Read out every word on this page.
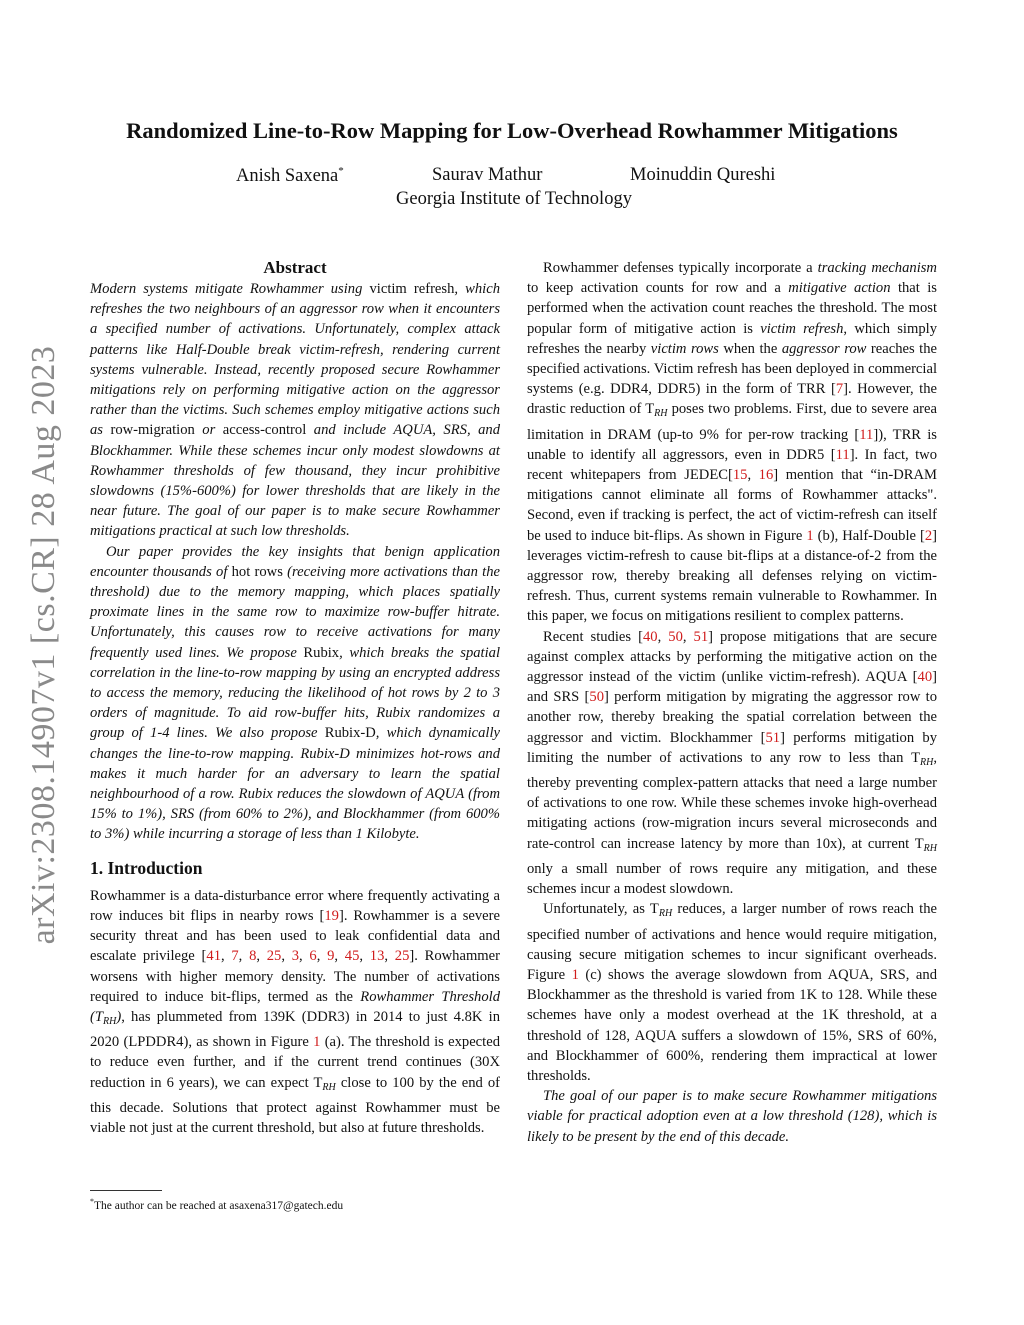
arXiv:2308.14907v1 [cs.CR] 28 Aug 2023
Randomized Line-to-Row Mapping for Low-Overhead Rowhammer Mitigations
Anish Saxena*	Saurav Mathur	Moinuddin Qureshi
Georgia Institute of Technology
Abstract

Modern systems mitigate Rowhammer using victim refresh, which refreshes the two neighbours of an aggressor row when it encounters a specified number of activations. Unfortunately, complex attack patterns like Half-Double break victim-refresh, rendering current systems vulnerable. Instead, recently proposed secure Rowhammer mitigations rely on performing mitigative action on the aggressor rather than the victims. Such schemes employ mitigative actions such as row-migration or access-control and include AQUA, SRS, and Blockhammer. While these schemes incur only modest slowdowns at Rowhammer thresholds of few thousand, they incur prohibitive slowdowns (15%-600%) for lower thresholds that are likely in the near future. The goal of our paper is to make secure Rowhammer mitigations practical at such low thresholds.

Our paper provides the key insights that benign application encounter thousands of hot rows (receiving more activations than the threshold) due to the memory mapping, which places spatially proximate lines in the same row to maximize row-buffer hitrate. Unfortunately, this causes row to receive activations for many frequently used lines. We propose Rubix, which breaks the spatial correlation in the line-to-row mapping by using an encrypted address to access the memory, reducing the likelihood of hot rows by 2 to 3 orders of magnitude. To aid row-buffer hits, Rubix randomizes a group of 1-4 lines. We also propose Rubix-D, which dynamically changes the line-to-row mapping. Rubix-D minimizes hot-rows and makes it much harder for an adversary to learn the spatial neighbourhood of a row. Rubix reduces the slowdown of AQUA (from 15% to 1%), SRS (from 60% to 2%), and Blockhammer (from 600% to 3%) while incurring a storage of less than 1 Kilobyte.

1. Introduction

Rowhammer is a data-disturbance error where frequently activating a row induces bit flips in nearby rows [19]. Rowhammer is a severe security threat and has been used to leak confidential data and escalate privilege [41, 7, 8, 25, 3, 6, 9, 45, 13, 25]. Rowhammer worsens with higher memory density. The number of activations required to induce bit-flips, termed as the Rowhammer Threshold $(T_{RH})$, has plummeted from 139K (DDR3) in 2014 to just 4.8K in 2020 (LPDDR4), as shown in Figure 1 (a). The threshold is expected to reduce even further, and if the current trend continues (30X reduction in 6 years), we can expect $T_{RH}$ close to 100 by the end of this decade. Solutions that protect against Rowhammer must be viable not just at the current threshold, but also at future thresholds.

Rowhammer defenses typically incorporate a tracking mechanism to keep activation counts for row and a mitigative action that is performed when the activation count reaches the threshold. The most popular form of mitigative action is victim refresh, which simply refreshes the nearby victim rows when the aggressor row reaches the specified activations. Victim refresh has been deployed in commercial systems (e.g. DDR4, DDR5) in the form of TRR [7]. However, the drastic reduction of $T_{RH}$ poses two problems. First, due to severe area limitation in DRAM (up-to 9% for per-row tracking [11]), TRR is unable to identify all aggressors, even in DDR5 [11]. In fact, two recent whitepapers from JEDEC[15, 16] mention that “in-DRAM mitigations cannot eliminate all forms of Rowhammer attacks". Second, even if tracking is perfect, the act of victim-refresh can itself be used to induce bit-flips. As shown in Figure 1 (b), Half-Double [2] leverages victim-refresh to cause bit-flips at a distance-of-2 from the aggressor row, thereby breaking all defenses relying on victim-refresh. Thus, current systems remain vulnerable to Rowhammer. In this paper, we focus on mitigations resilient to complex patterns.

Recent studies [40, 50, 51] propose mitigations that are secure against complex attacks by performing the mitigative action on the aggressor instead of the victim (unlike victim-refresh). AQUA [40] and SRS [50] perform mitigation by migrating the aggressor row to another row, thereby breaking the spatial correlation between the aggressor and victim. Blockhammer [51] performs mitigation by limiting the number of activations to any row to less than $T_{RH}$, thereby preventing complex-pattern attacks that need a large number of activations to one row. While these schemes invoke high-overhead mitigating actions (row-migration incurs several microseconds and rate-control can increase latency by more than 10x), at current $T_{RH}$ only a small number of rows require any mitigation, and these schemes incur a modest slowdown.

Unfortunately, as $T_{RH}$ reduces, a larger number of rows reach the specified number of activations and hence would require mitigation, causing secure mitigation schemes to incur significant overheads. Figure 1 (c) shows the average slowdown from AQUA, SRS, and Blockhammer as the threshold is varied from 1K to 128. While these schemes have only a modest overhead at the 1K threshold, at a threshold of 128, AQUA suffers a slowdown of 15%, SRS of 60%, and Blockhammer of 600%, rendering them impractical at lower thresholds.

The goal of our paper is to make secure Rowhammer mitigations viable for practical adoption even at a low threshold (128), which is likely to be present by the end of this decade.

*The author can be reached at asaxena317@gatech.edu
